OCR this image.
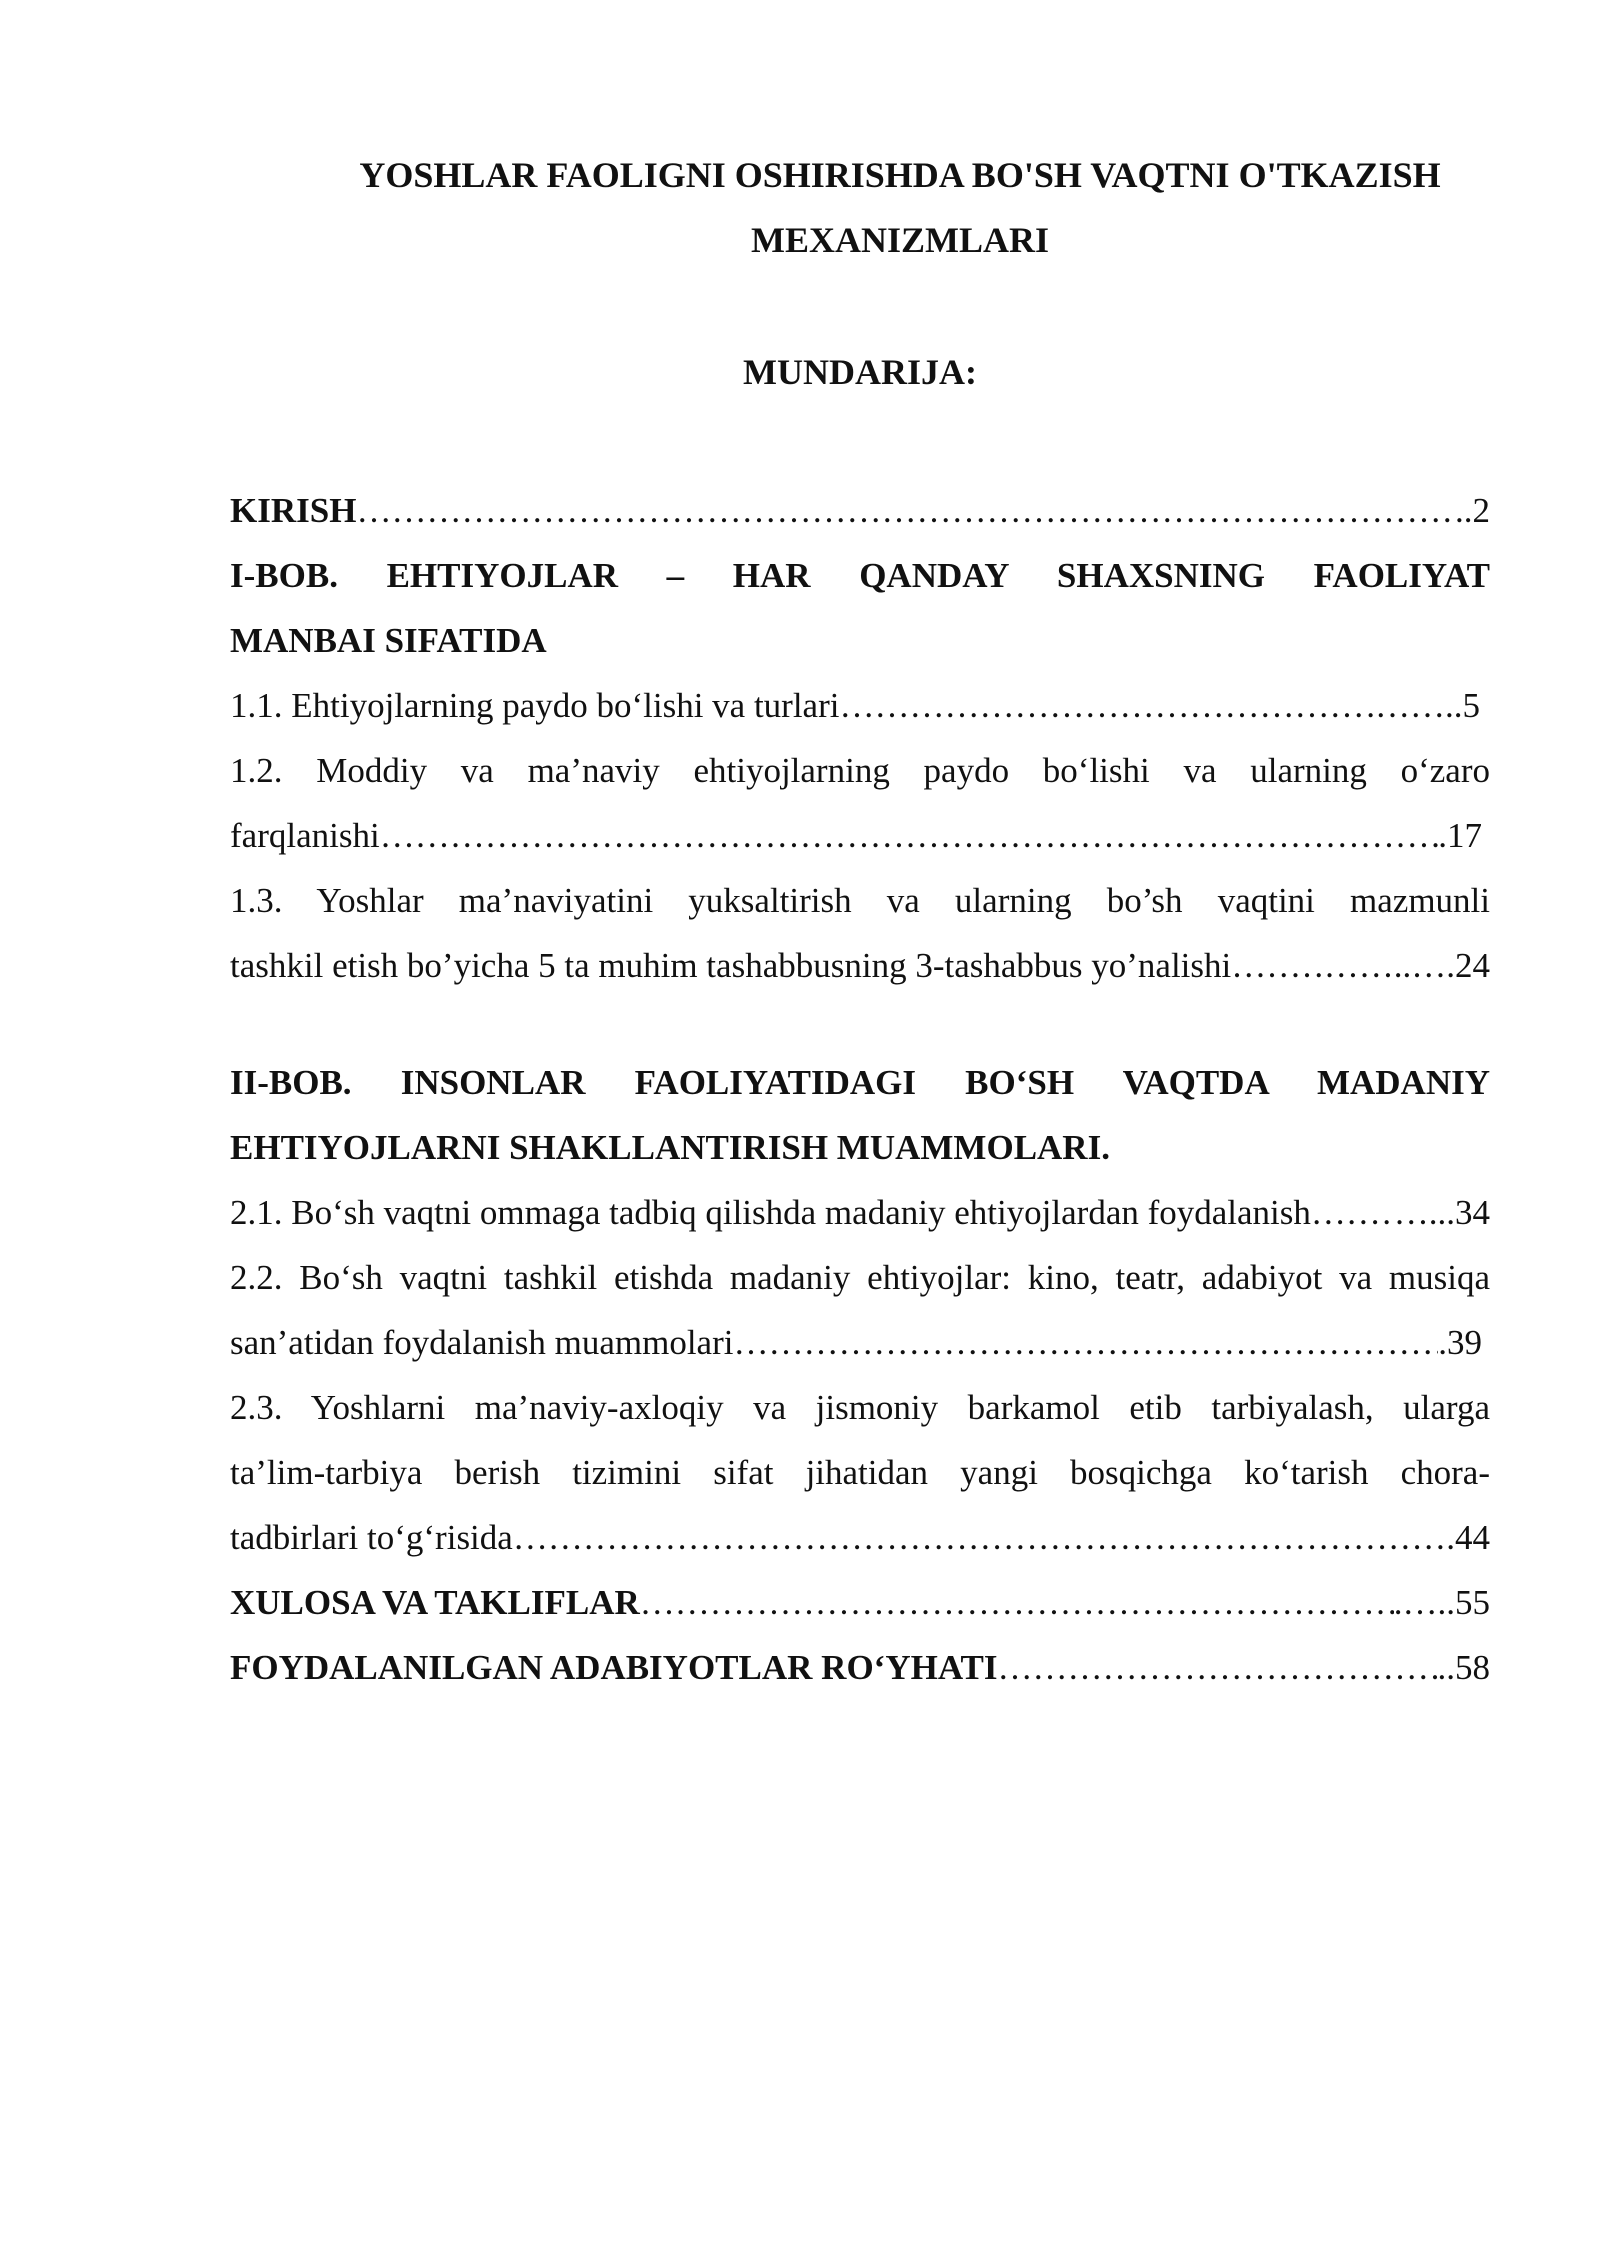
YOSHLAR FAOLIGNI OSHIRISHDA BO'SH VAQTNI O'TKAZISH
MEXANIZMLARI
MUNDARIJA:
KIRISH ……………………………………………………………………………………………………………………………………………………………………………………………	..2
I-BOB. EHTIYOJLAR – HAR QANDAY SHAXSNING FAOLIYAT
MANBAI SIFATIDA
1.1. Ehtiyojlarning paydo bo‘lishi va turlari ……………………………………………………………………………………………………………………………………………………………………………………………	.……..5
1.2. Moddiy va ma’naviy ehtiyojlarning paydo bo‘lishi va ularning o‘zaro
farqlanishi ……………………………………………………………………………………………………………………………………………………………………………………………	.17
1.3. Yoshlar ma’naviyatini yuksaltirish va ularning bo’sh vaqtini mazmunli
tashkil etish bo’yicha 5 ta muhim tashabbusning 3-tashabbus yo’nalishi ……………………………………………………………………………………………………………………………………………………………………………………………	……..….24
II-BOB. INSONLAR FAOLIYATIDAGI BO‘SH VAQTDA MADANIY
EHTIYOJLARNI SHAKLLANTIRISH MUAMMOLARI.
2.1. Bo‘sh vaqtni ommaga tadbiq qilishda madaniy ehtiyojlardan foydalanish …………………………………………………………………………………………………………………………………………………………………………………………… …...34
2.2. Bo‘sh vaqtni tashkil etishda madaniy ehtiyojlar: kino, teatr, adabiyot va musiqa
san’atidan foydalanish muammolari ……………………………………………………………………………………………………………………………………………………………………………………………	.39
2.3. Yoshlarni ma’naviy-axloqiy va jismoniy barkamol etib tarbiyalash, ularga
ta’lim-tarbiya berish tizimini sifat jihatidan yangi bosqichga ko‘tarish chora-
tadbirlari to‘g‘risida ……………………………………………………………………………………………………………………………………………………………………………………………	.44
XULOSA VA TAKLIFLAR ……………………………………………………………………………………………………………………………………………………………………………………………	.…..55
FOYDALANILGAN ADABIYOTLAR RO‘YHATI ……………………………………………………………………………………………………………………………………………………………………………………………	..58
